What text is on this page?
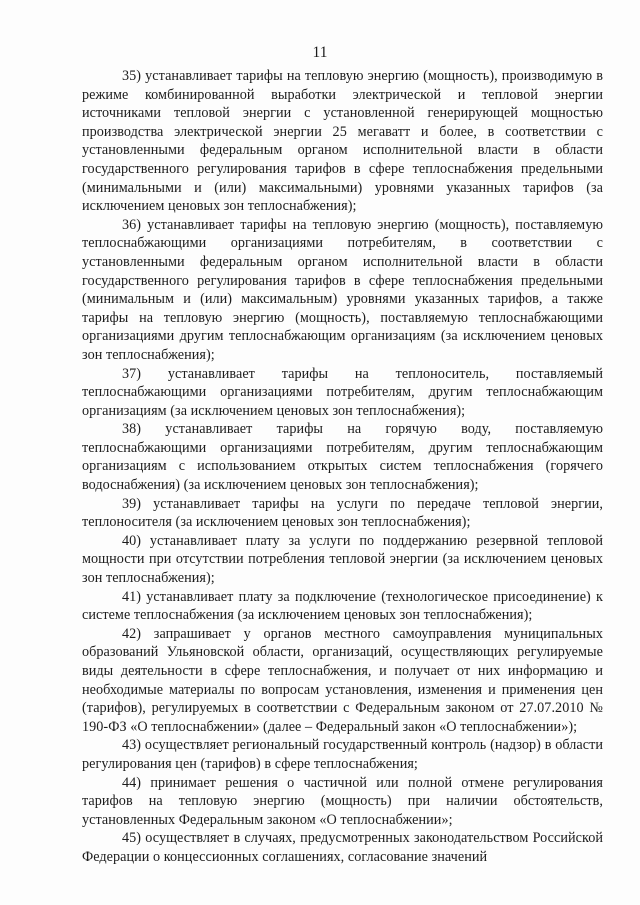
11

35) устанавливает тарифы на тепловую энергию (мощность), производимую в режиме комбинированной выработки электрической и тепловой энергии источниками тепловой энергии с установленной генерирующей мощностью производства электрической энергии 25 мегаватт и более, в соответствии с установленными федеральным органом исполнительной власти в области государственного регулирования тарифов в сфере теплоснабжения предельными (минимальными и (или) максимальными) уровнями указанных тарифов (за исключением ценовых зон теплоснабжения);

36) устанавливает тарифы на тепловую энергию (мощность), поставляемую теплоснабжающими организациями потребителям, в соответствии с установленными федеральным органом исполнительной власти в области государственного регулирования тарифов в сфере теплоснабжения предельными (минимальным и (или) максимальным) уровнями указанных тарифов, а также тарифы на тепловую энергию (мощность), поставляемую теплоснабжающими организациями другим теплоснабжающим организациям (за исключением ценовых зон теплоснабжения);

37) устанавливает тарифы на теплоноситель, поставляемый теплоснабжающими организациями потребителям, другим теплоснабжающим организациям (за исключением ценовых зон теплоснабжения);

38) устанавливает тарифы на горячую воду, поставляемую теплоснабжающими организациями потребителям, другим теплоснабжающим организациям с использованием открытых систем теплоснабжения (горячего водоснабжения) (за исключением ценовых зон теплоснабжения);

39) устанавливает тарифы на услуги по передаче тепловой энергии, теплоносителя (за исключением ценовых зон теплоснабжения);

40) устанавливает плату за услуги по поддержанию резервной тепловой мощности при отсутствии потребления тепловой энергии (за исключением ценовых зон теплоснабжения);

41) устанавливает плату за подключение (технологическое присоединение) к системе теплоснабжения (за исключением ценовых зон теплоснабжения);

42) запрашивает у органов местного самоуправления муниципальных образований Ульяновской области, организаций, осуществляющих регулируемые виды деятельности в сфере теплоснабжения, и получает от них информацию и необходимые материалы по вопросам установления, изменения и применения цен (тарифов), регулируемых в соответствии с Федеральным законом от 27.07.2010 № 190-ФЗ «О теплоснабжении» (далее – Федеральный закон «О теплоснабжении»);

43) осуществляет региональный государственный контроль (надзор) в области регулирования цен (тарифов) в сфере теплоснабжения;

44) принимает решения о частичной или полной отмене регулирования тарифов на тепловую энергию (мощность) при наличии обстоятельств, установленных Федеральным законом «О теплоснабжении»;

45) осуществляет в случаях, предусмотренных законодательством Российской Федерации о концессионных соглашениях, согласование значений
